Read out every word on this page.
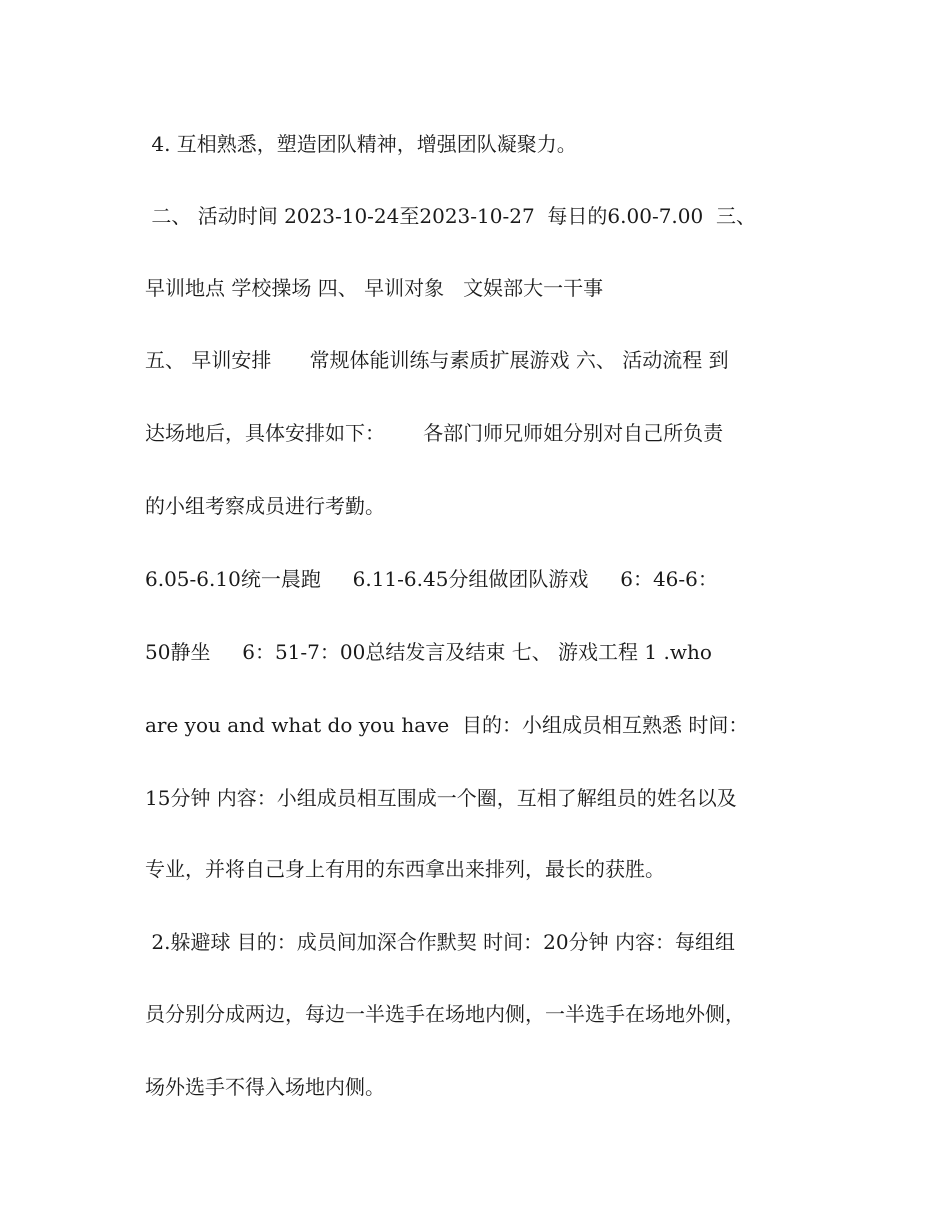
4. 互相熟悉，塑造团队精神，增强团队凝聚力。
二、 活动时间 2023-10-24至2023-10-27  每日的6.00-7.00  三、
早训地点 学校操场 四、 早训对象   文娱部大一干事
五、 早训安排      常规体能训练与素质扩展游戏 六、 活动流程 到
达场地后，具体安排如下：      各部门师兄师姐分别对自己所负责
的小组考察成员进行考勤。
6.05-6.10统一晨跑     6.11-6.45分组做团队游戏     6：46-6：
50静坐     6：51-7：00总结发言及结束 七、 游戏工程 1 .who
are you and what do you have  目的：小组成员相互熟悉 时间：
15分钟 内容：小组成员相互围成一个圈，互相了解组员的姓名以及
专业，并将自己身上有用的东西拿出来排列，最长的获胜。
2.躲避球 目的：成员间加深合作默契 时间：20分钟 内容：每组组
员分别分成两边，每边一半选手在场地内侧，一半选手在场地外侧，
场外选手不得入场地内侧。
